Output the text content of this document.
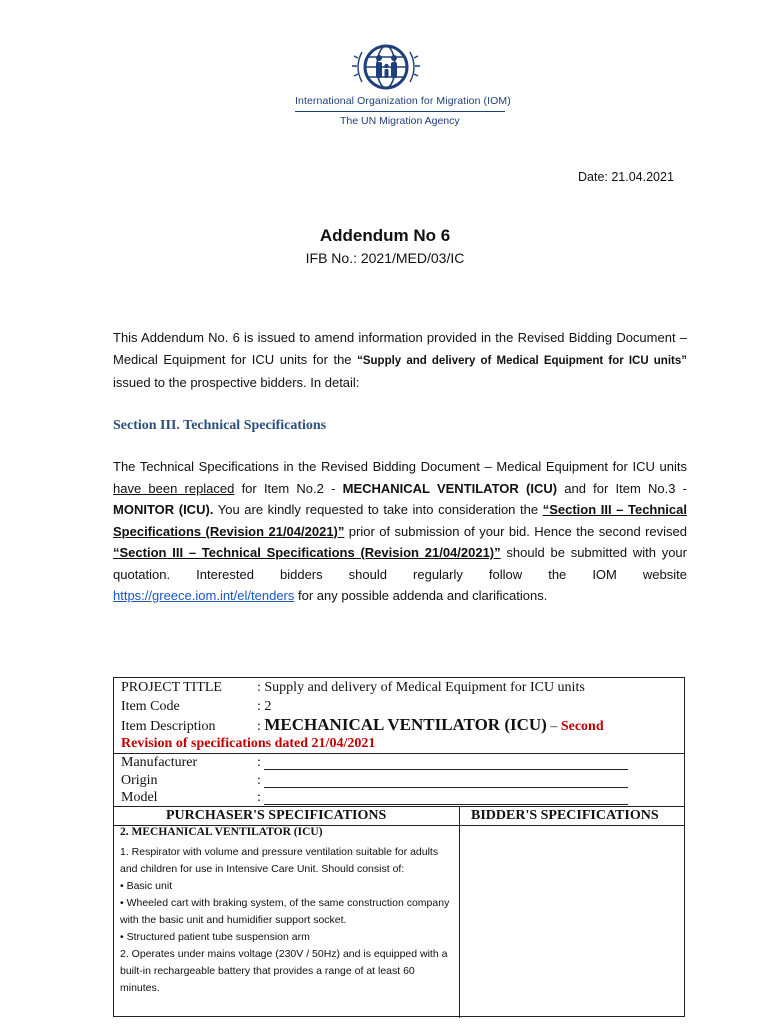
International Organization for Migration (IOM)
The UN Migration Agency
Date: 21.04.2021
Addendum No 6
IFB No.: 2021/MED/03/IC
This Addendum No. 6 is issued to amend information provided in the Revised Bidding Document – Medical Equipment for ICU units for the “Supply and delivery of Medical Equipment for ICU units” issued to the prospective bidders. In detail:
Section III. Technical Specifications
The Technical Specifications in the Revised Bidding Document – Medical Equipment for ICU units have been replaced for Item No.2 - MECHANICAL VENTILATOR (ICU) and for Item No.3 - MONITOR (ICU). You are kindly requested to take into consideration the “Section III – Technical Specifications (Revision 21/04/2021)” prior of submission of your bid. Hence the second revised “Section III – Technical Specifications (Revision 21/04/2021)” should be submitted with your quotation. Interested bidders should regularly follow the IOM website https://greece.iom.int/el/tenders for any possible addenda and clarifications.
PROJECT TITLE	: Supply and delivery of Medical Equipment for ICU units
Item Code	: 2
Item Description	: MECHANICAL VENTILATOR (ICU) – Second
Revision of specifications dated 21/04/2021
Manufacturer	:
Origin	:
Model	:
PURCHASER'S SPECIFICATIONS	BIDDER'S SPECIFICATIONS
2. MECHANICAL VENTILATOR (ICU)
1. Respirator with volume and pressure ventilation suitable for adults and children for use in Intensive Care Unit. Should consist of:
• Basic unit
• Wheeled cart with braking system, of the same construction company with the basic unit and humidifier support socket.
• Structured patient tube suspension arm
2. Operates under mains voltage (230V / 50Hz) and is equipped with a built-in rechargeable battery that provides a range of at least 60 minutes.
